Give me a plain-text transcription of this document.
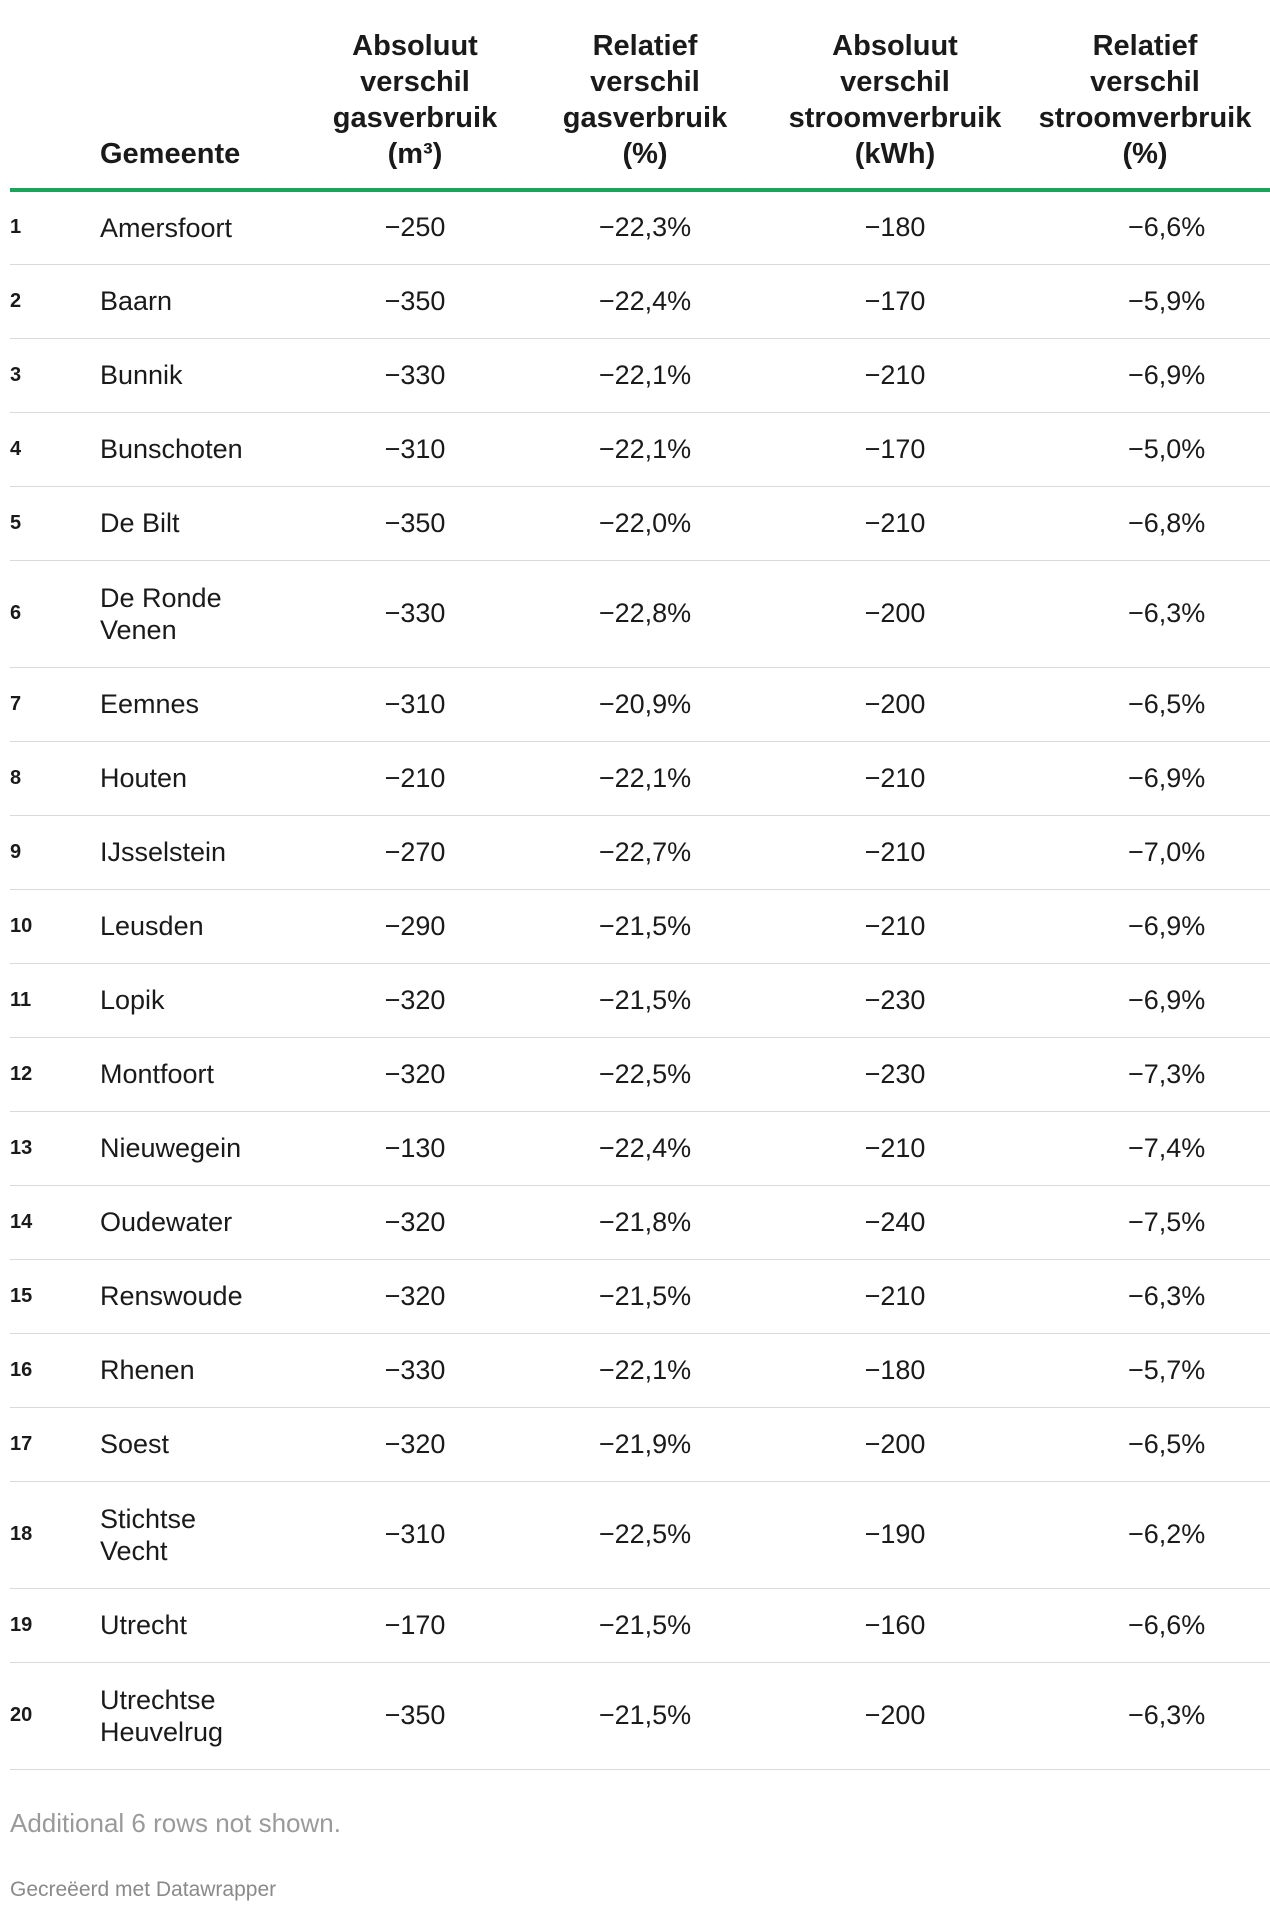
	Gemeente	Absoluut
verschil
gasverbruik
(m³)	Relatief
verschil
gasverbruik
(%)	Absoluut
verschil
stroomverbruik
(kWh)	Relatief
verschil
stroomverbruik
(%)
1	Amersfoort	−250	−22,3%	−180	−6,6%
2	Baarn	−350	−22,4%	−170	−5,9%
3	Bunnik	−330	−22,1%	−210	−6,9%
4	Bunschoten	−310	−22,1%	−170	−5,0%
5	De Bilt	−350	−22,0%	−210	−6,8%
6	De Ronde
Venen	−330	−22,8%	−200	−6,3%
7	Eemnes	−310	−20,9%	−200	−6,5%
8	Houten	−210	−22,1%	−210	−6,9%
9	IJsselstein	−270	−22,7%	−210	−7,0%
10	Leusden	−290	−21,5%	−210	−6,9%
11	Lopik	−320	−21,5%	−230	−6,9%
12	Montfoort	−320	−22,5%	−230	−7,3%
13	Nieuwegein	−130	−22,4%	−210	−7,4%
14	Oudewater	−320	−21,8%	−240	−7,5%
15	Renswoude	−320	−21,5%	−210	−6,3%
16	Rhenen	−330	−22,1%	−180	−5,7%
17	Soest	−320	−21,9%	−200	−6,5%
18	Stichtse
Vecht	−310	−22,5%	−190	−6,2%
19	Utrecht	−170	−21,5%	−160	−6,6%
20	Utrechtse
Heuvelrug	−350	−21,5%	−200	−6,3%
Additional 6 rows not shown.
Gecreëerd met Datawrapper
